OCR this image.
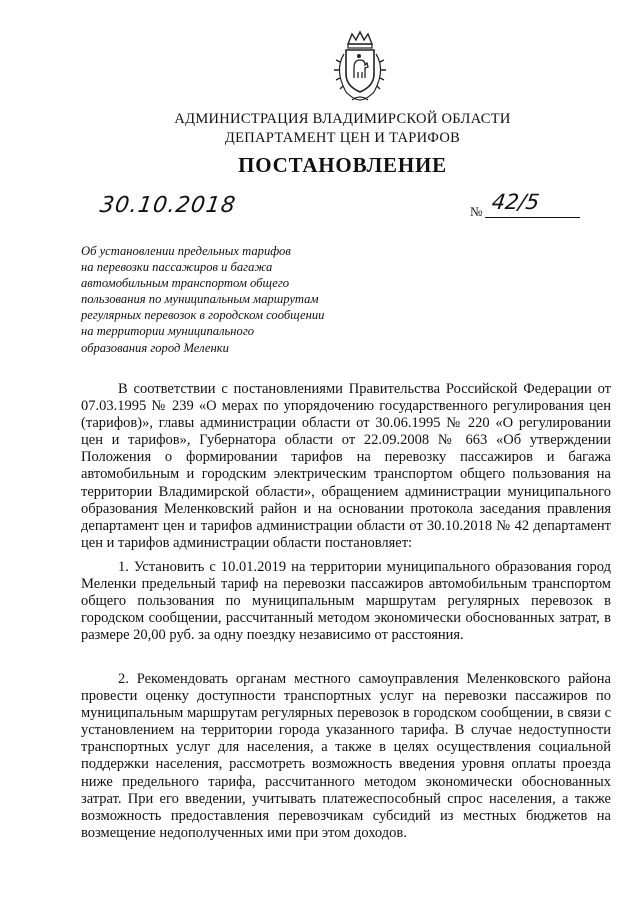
АДМИНИСТРАЦИЯ ВЛАДИМИРСКОЙ ОБЛАСТИ
ДЕПАРТАМЕНТ ЦЕН И ТАРИФОВ
ПОСТАНОВЛЕНИЕ
30.10.2018	№ 42/5
Об установлении предельных тарифов
на перевозки пассажиров и багажа
автомобильным транспортом общего
пользования по муниципальным маршрутам
регулярных перевозок в городском сообщении
на территории муниципального
образования город Меленки

В соответствии с постановлениями Правительства Российской Федерации от 07.03.1995 № 239 «О мерах по упорядочению государственного регулирования цен (тарифов)», главы администрации области от 30.06.1995 № 220 «О регулировании цен и тарифов», Губернатора области от 22.09.2008 № 663 «Об утверждении Положения о формировании тарифов на перевозку пассажиров и багажа автомобильным и городским электрическим транспортом общего пользования на территории Владимирской области», обращением администрации муниципального образования Меленковский район и на основании протокола заседания правления департамент цен и тарифов администрации области от 30.10.2018 № 42 департамент цен и тарифов администрации области постановляет:

1. Установить с 10.01.2019 на территории муниципального образования город Меленки предельный тариф на перевозки пассажиров автомобильным транспортом общего пользования по муниципальным маршрутам регулярных перевозок в городском сообщении, рассчитанный методом экономически обоснованных затрат, в размере 20,00 руб. за одну поездку независимо от расстояния.

2. Рекомендовать органам местного самоуправления Меленковского района провести оценку доступности транспортных услуг на перевозки пассажиров по муниципальным маршрутам регулярных перевозок в городском сообщении, в связи с установлением на территории города указанного тарифа. В случае недоступности транспортных услуг для населения, а также в целях осуществления социальной поддержки населения, рассмотреть возможность введения уровня оплаты проезда ниже предельного тарифа, рассчитанного методом экономически обоснованных затрат. При его введении, учитывать платежеспособный спрос населения, а также возможность предоставления перевозчикам субсидий из местных бюджетов на возмещение недополученных ими при этом доходов.
